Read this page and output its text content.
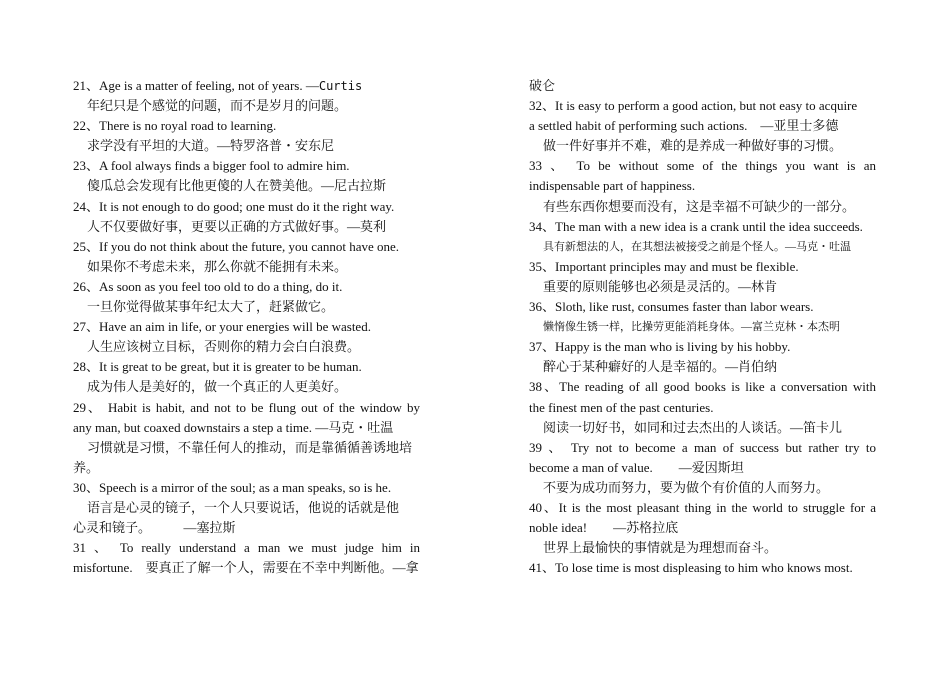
21、Age is a matter of feeling, not of years. —Curtis
年纪只是个感觉的问题，而不是岁月的问题。
22、There is no royal road to learning.
求学没有平坦的大道。—特罗洛普・安东尼
23、A fool always finds a bigger fool to admire him.
傻瓜总会发现有比他更傻的人在赞美他。—尼古拉斯
24、It is not enough to do good; one must do it the right way.
人不仅要做好事，更要以正确的方式做好事。—莫利
25、If you do not think about the future, you cannot have one.
如果你不考虑未来，那么你就不能拥有未来。
26、As soon as you feel too old to do a thing, do it.
一旦你觉得做某事年纪太大了，赶紧做它。
27、Have an aim in life, or your energies will be wasted.
人生应该树立目标，否则你的精力会白白浪费。
28、It is great to be great, but it is greater to be human.
成为伟人是美好的，做一个真正的人更美好。
29、 Habit is habit, and not to be flung out of the window by
any man, but coaxed downstairs a step a time. —马克・吐温
习惯就是习惯，不靠任何人的推动，而是靠循循善诱地培
养。
30、Speech is a mirror of the soul; as a man speaks, so is he.
语言是心灵的镜子，一个人只要说话，他说的话就是他
心灵和镜子。　　　—塞拉斯
31 、 To really understand a man we must judge him in
misfortune.　要真正了解一个人，需要在不幸中判断他。—拿
破仑
32、It is easy to perform a good action, but not easy to acquire
a settled habit of performing such actions.　—亚里士多德
做一件好事并不难，难的是养成一种做好事的习惯。
33 、 To be without some of the things you want is an
indispensable part of happiness.
有些东西你想要而没有，这是幸福不可缺少的一部分。
34、The man with a new idea is a crank until the idea succeeds.
具有新想法的人，在其想法被接受之前是个怪人。—马克・吐温
35、Important principles may and must be flexible.
重要的原则能够也必须是灵活的。—林肯
36、Sloth, like rust, consumes faster than labor wears.
懒惰像生锈一样，比操劳更能消耗身体。—富兰克林・本杰明
37、Happy is the man who is living by his hobby.
醉心于某种癖好的人是幸福的。—肖伯纳
38、The reading of all good books is like a conversation with
the finest men of the past centuries.
阅读一切好书，如同和过去杰出的人谈话。—笛卡儿
39 、 Try not to become a man of success but rather try to
become a man of value.　　—爱因斯坦
不要为成功而努力，要为做个有价值的人而努力。
40、It is the most pleasant thing in the world to struggle for a
noble idea!　　—苏格拉底
世界上最愉快的事情就是为理想而奋斗。
41、To lose time is most displeasing to him who knows most.
